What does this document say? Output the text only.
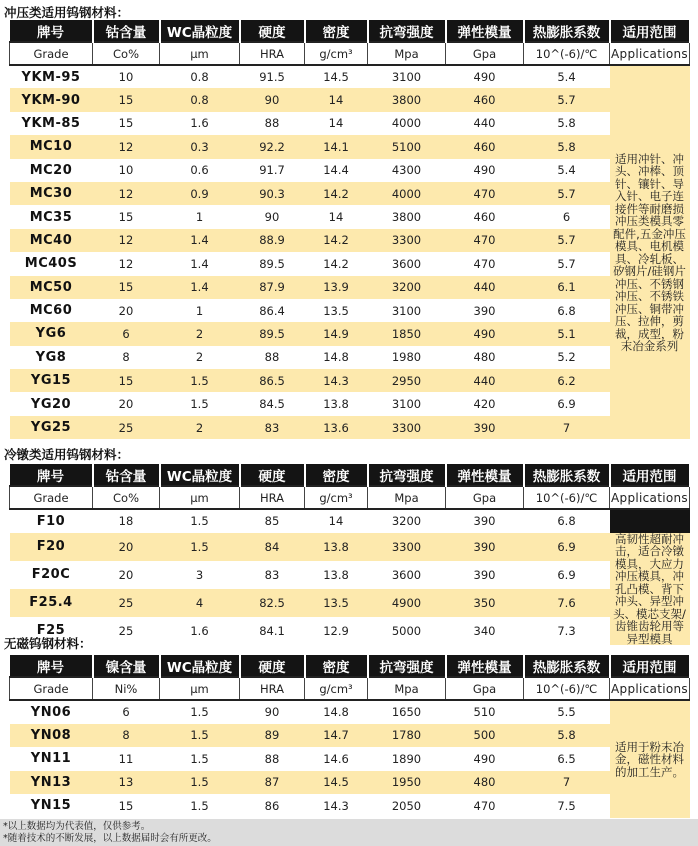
冲压类适用钨钢材料：
牌号	钴含量	WC晶粒度	硬度	密度	抗弯强度	弹性模量	热膨胀系数	适用范围
Grade	Co%	μm	HRA	g/cm³	Mpa	Gpa	10^(-6)/℃	Applications
YKM-95	10	0.8	91.5	14.5	3100	490	5.4	适用冲针、冲头、冲棒、顶针、镶针、导入针、电子连接件等耐磨损冲压类模具零配件,五金冲压模具、电机模具、冷轧板、矽钢片/硅钢片冲压、不锈钢冲压、不锈铁冲压、铜带冲压、拉伸，剪裁，成型，粉末冶金系列
YKM-90	15	0.8	90	14	3800	460	5.7	
YKM-85	15	1.6	88	14	4000	440	5.8	
MC10	12	0.3	92.2	14.1	5100	460	5.8	
MC20	10	0.6	91.7	14.4	4300	490	5.4	
MC30	12	0.9	90.3	14.2	4000	470	5.7	
MC35	15	1	90	14	3800	460	6	
MC40	12	1.4	88.9	14.2	3300	470	5.7	
MC40S	12	1.4	89.5	14.2	3600	470	5.7	
MC50	15	1.4	87.9	13.9	3200	440	6.1	
MC60	20	1	86.4	13.5	3100	390	6.8	
YG6	6	2	89.5	14.9	1850	490	5.1	
YG8	8	2	88	14.8	1980	480	5.2	
YG15	15	1.5	86.5	14.3	2950	440	6.2	
YG20	20	1.5	84.5	13.8	3100	420	6.9	
YG25	25	2	83	13.6	3300	390	7	
冷镦类适用钨钢材料：
牌号	钴含量	WC晶粒度	硬度	密度	抗弯强度	弹性模量	热膨胀系数	适用范围
Grade	Co%	μm	HRA	g/cm³	Mpa	Gpa	10^(-6)/℃	Applications
F10	18	1.5	85	14	3200	390	6.8	
F20	20	1.5	84	13.8	3300	390	6.9	高韧性超耐冲击，适合冷镦模具，大应力冲压模具，冲孔凸模、背下冲头、异型冲头、模芯支架/齿锥齿轮用等异型模具
F20C	20	3	83	13.8	3600	390	6.9	
F25.4	25	4	82.5	13.5	4900	350	7.6	
F25	25	1.6	84.1	12.9	5000	340	7.3	
无磁钨钢材料：
牌号	镍含量	WC晶粒度	硬度	密度	抗弯强度	弹性模量	热膨胀系数	适用范围
Grade	Ni%	μm	HRA	g/cm³	Mpa	Gpa	10^(-6)/℃	Applications
YN06	6	1.5	90	14.8	1650	510	5.5	适用于粉末冶金，磁性材料的加工生产。
YN08	8	1.5	89	14.7	1780	500	5.8	
YN11	11	1.5	88	14.6	1890	490	6.5	
YN13	13	1.5	87	14.5	1950	480	7	
YN15	15	1.5	86	14.3	2050	470	7.5	
*以上数据均为代表值，仅供参考。
*随着技术的不断发展，以上数据届时会有所更改。
